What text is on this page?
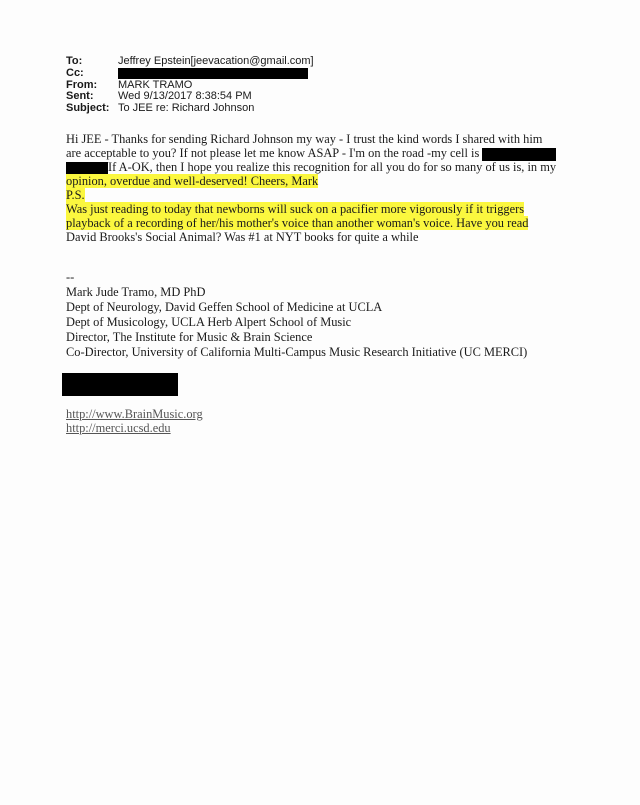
To:	Jeffrey Epstein[jeevacation@gmail.com]
Cc:
From:	MARK TRAMO
Sent:	Wed 9/13/2017 8:38:54 PM
Subject: To JEE re: Richard Johnson
Hi JEE - Thanks for sending Richard Johnson my way - I trust the kind words I shared with him
are acceptable to you? If not please let me know ASAP - I'm on the road -my cell is
If A-OK, then I hope you realize this recognition for all you do for so many of us is, in my
opinion, overdue and well-deserved! Cheers, Mark
P.S.
Was just reading to today that newborns will suck on a pacifier more vigorously if it triggers
playback of a recording of her/his mother's voice than another woman's voice. Have you read
David Brooks's Social Animal? Was #1 at NYT books for quite a while
--
Mark Jude Tramo, MD PhD
Dept of Neurology, David Geffen School of Medicine at UCLA
Dept of Musicology, UCLA Herb Alpert School of Music
Director, The Institute for Music & Brain Science
Co-Director, University of California Multi-Campus Music Research Initiative (UC MERCI)
http://www.BrainMusic.org
http://merci.ucsd.edu
